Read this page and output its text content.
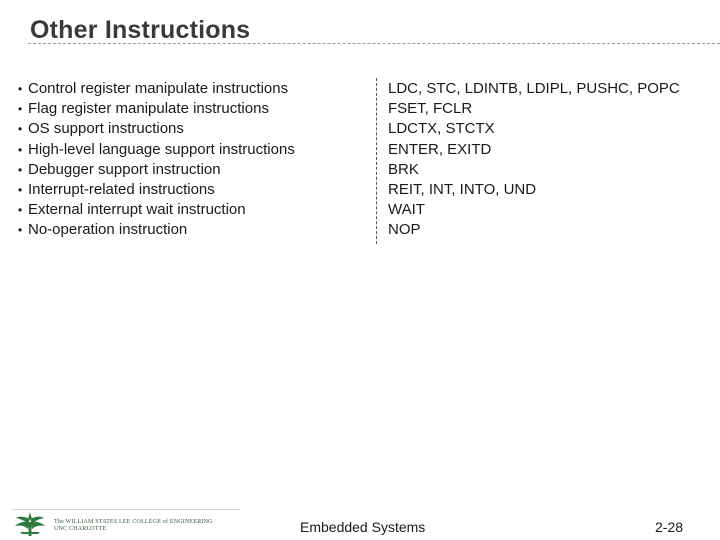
Other Instructions
• Control register manipulate instructions
• Flag register manipulate instructions
• OS support instructions
• High-level language support instructions
• Debugger support instruction
• Interrupt-related instructions
• External interrupt wait instruction
• No-operation instruction
LDC, STC, LDINTB, LDIPL, PUSHC, POPC
FSET, FCLR
LDCTX, STCTX
ENTER, EXITD
BRK
REIT, INT, INTO, UND
WAIT
NOP
The WILLIAM STATES LEE COLLEGE of ENGINEERING
UNC CHARLOTTE	Embedded Systems	2-28
